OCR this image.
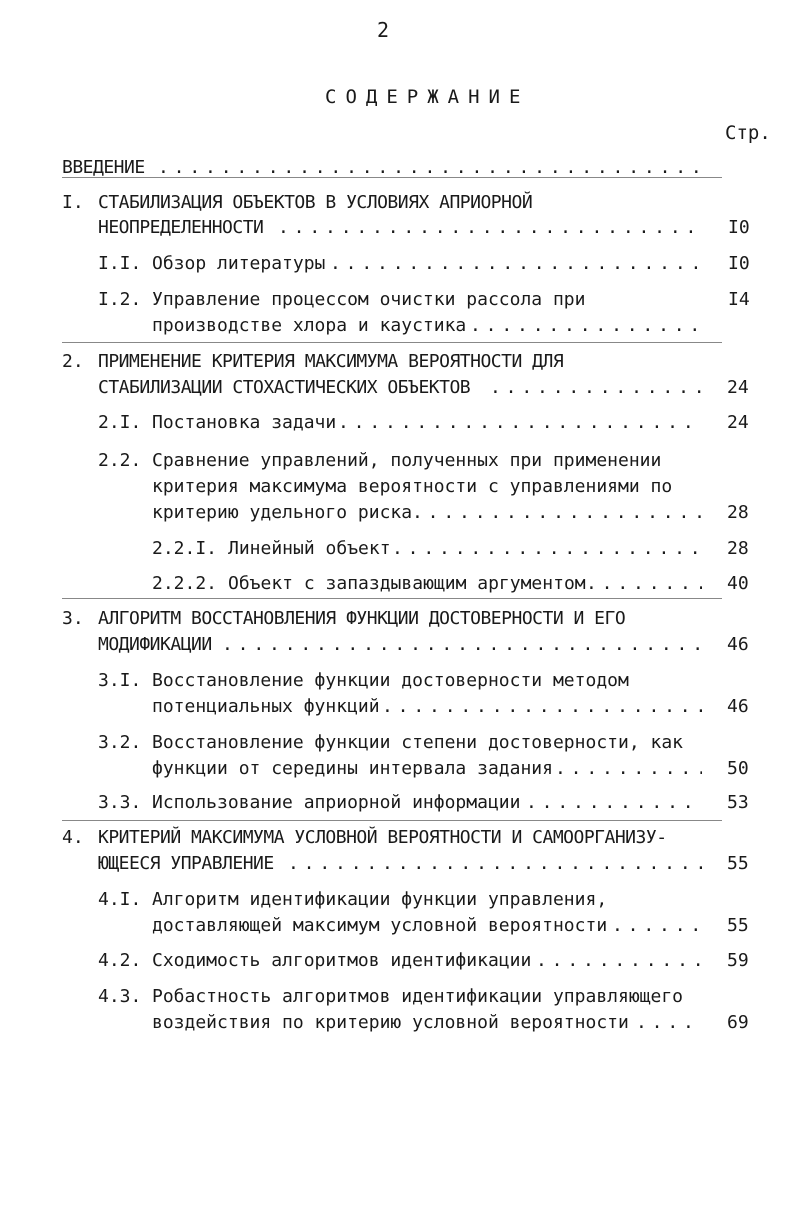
2
СОДЕРЖАНИЕ
Стр.
ВВЕДЕНИЕ
. . .
I. СТАБИЛИЗАЦИЯ ОБЪЕКТОВ В УСЛОВИЯХ АПРИОРНОЙ
НЕОПРЕДЕЛЕННОСТИ . . .	I0
I.I. Обзор литературы . . .	I0
I.2. Управление процессом очистки рассола при	I4
производстве хлора и каустика
. . .
2. ПРИМЕНЕНИЕ КРИТЕРИЯ МАКСИМУМА ВЕРОЯТНОСТИ ДЛЯ
СТАБИЛИЗАЦИИ СТОХАСТИЧЕСКИХ ОБЪЕКТОВ . . .	24
2.I. Постановка задачи . . .	24
2.2. Сравнение управлений, полученных при применении
критерия максимума вероятности с управлениями по
критерию удельного риска . . .	28
2.2.I. Линейный объект . . .	28
2.2.2. Объект с запаздывающим аргументом . . .	40
3. АЛГОРИТМ ВОССТАНОВЛЕНИЯ ФУНКЦИИ ДОСТОВЕРНОСТИ И ЕГО
МОДИФИКАЦИИ . . .	46
3.I. Восстановление функции достоверности методом
потенциальных функций . . .	46
3.2. Восстановление функции степени достоверности, как
функции от середины интервала задания . . .	50
3.3. Использование априорной информации . . .	53
4. КРИТЕРИЙ МАКСИМУМА УСЛОВНОЙ ВЕРОЯТНОСТИ И САМООРГАНИЗУ-
ЮЩЕЕСЯ УПРАВЛЕНИЕ . . .	55
4.I. Алгоритм идентификации функции управления,
доставляющей максимум условной вероятности . . .	55
4.2. Сходимость алгоритмов идентификации . . .	59
4.3. Робастность алгоритмов идентификации управляющего
воздействия по критерию условной вероятности . . .	69
